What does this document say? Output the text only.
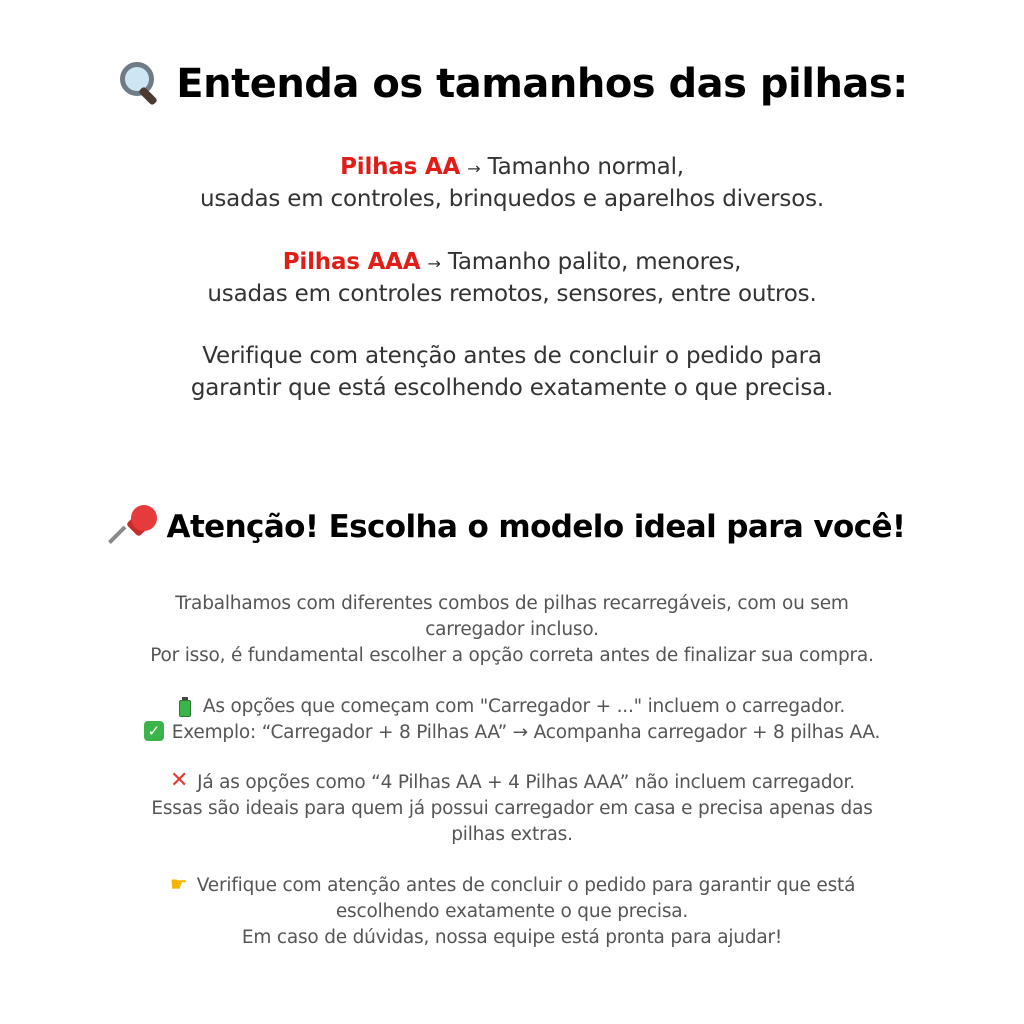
Entenda os tamanhos das pilhas:
Pilhas AA → Tamanho normal,
usadas em controles, brinquedos e aparelhos diversos.
Pilhas AAA → Tamanho palito, menores,
usadas em controles remotos, sensores, entre outros.
Verifique com atenção antes de concluir o pedido para
garantir que está escolhendo exatamente o que precisa.
Atenção! Escolha o modelo ideal para você!
Trabalhamos com diferentes combos de pilhas recarregáveis, com ou sem
carregador incluso.
Por isso, é fundamental escolher a opção correta antes de finalizar sua compra.
As opções que começam com "Carregador + ..." incluem o carregador.
✓ Exemplo: “Carregador + 8 Pilhas AA” → Acompanha carregador + 8 pilhas AA.
✕ Já as opções como “4 Pilhas AA + 4 Pilhas AAA” não incluem carregador.
Essas são ideais para quem já possui carregador em casa e precisa apenas das
pilhas extras.
☛ Verifique com atenção antes de concluir o pedido para garantir que está
escolhendo exatamente o que precisa.
Em caso de dúvidas, nossa equipe está pronta para ajudar!
